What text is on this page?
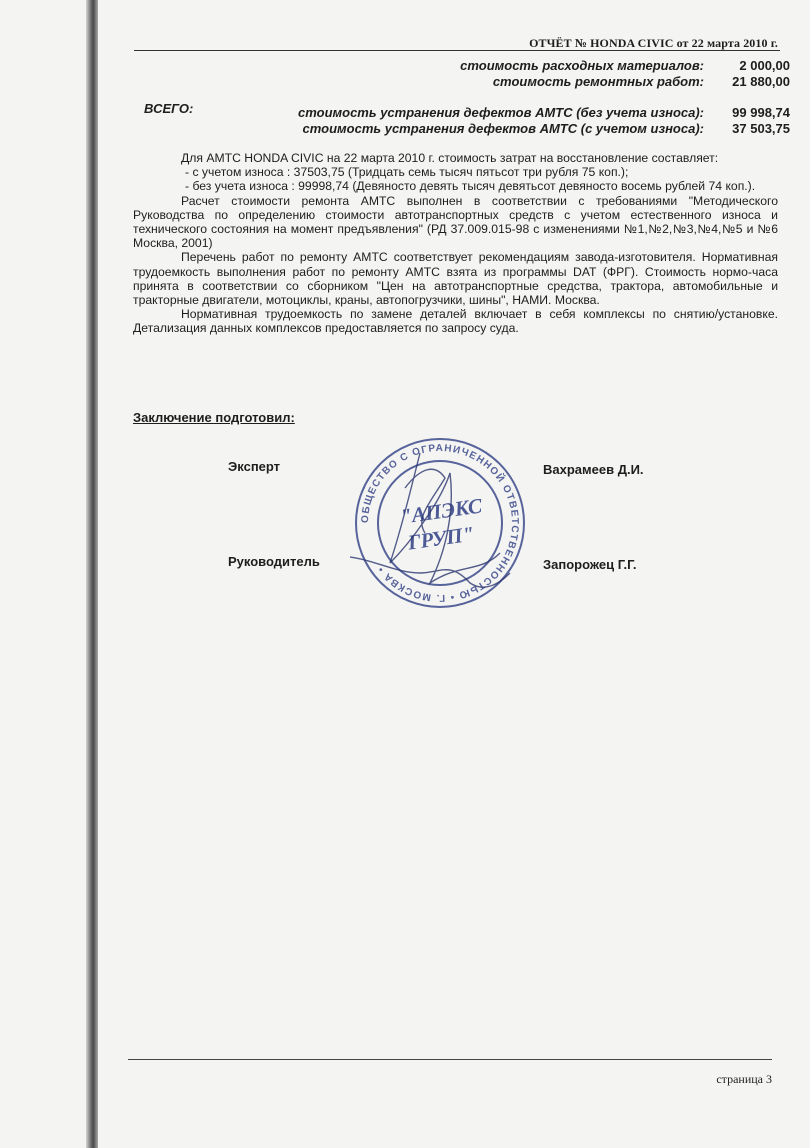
ОТЧЁТ № HONDA CIVIC от 22 марта 2010 г.
стоимость расходных материалов:	2 000,00
стоимость ремонтных работ:	21 880,00
стоимость устранения дефектов АМТС (без учета износа):	99 998,74
стоимость устранения дефектов АМТС (с учетом износа):	37 503,75
ВСЕГО:
Для АМТС HONDA CIVIC на 22 марта 2010 г. стоимость затрат на восстановление составляет:
- с учетом износа : 37503,75 (Тридцать семь тысяч пятьсот три рубля 75 коп.);
- без учета износа : 99998,74 (Девяносто девять тысяч девятьсот девяносто восемь рублей 74 коп.).
Расчет стоимости ремонта АМТС выполнен в соответствии с требованиями "Методического Руководства по определению стоимости автотранспортных средств с учетом естественного износа и технического состояния на момент предъявления" (РД 37.009.015-98 с изменениями №1,№2,№3,№4,№5 и №6 Москва, 2001)
Перечень работ по ремонту АМТС соответствует рекомендациям завода-изготовителя. Нормативная трудоемкость выполнения работ по ремонту АМТС взята из программы DAT (ФРГ). Стоимость нормо-часа принята в соответствии со сборником "Цен на автотранспортные средства, трактора, автомобильные и тракторные двигатели, мотоциклы, краны, автопогрузчики, шины", НАМИ. Москва.
Нормативная трудоемкость по замене деталей включает в себя комплексы по снятию/установке. Детализация данных комплексов предоставляется по запросу суда.
Заключение подготовил:
Эксперт	Вахрамеев Д.И.
Руководитель	Запорожец Г.Г.
ОБЩЕСТВО С ОГРАНИЧЕННОЙ ОТВЕТСТВЕННОСТЬЮ • Г. МОСКВА •
"АПЭКС
ГРУП"
страница 3
